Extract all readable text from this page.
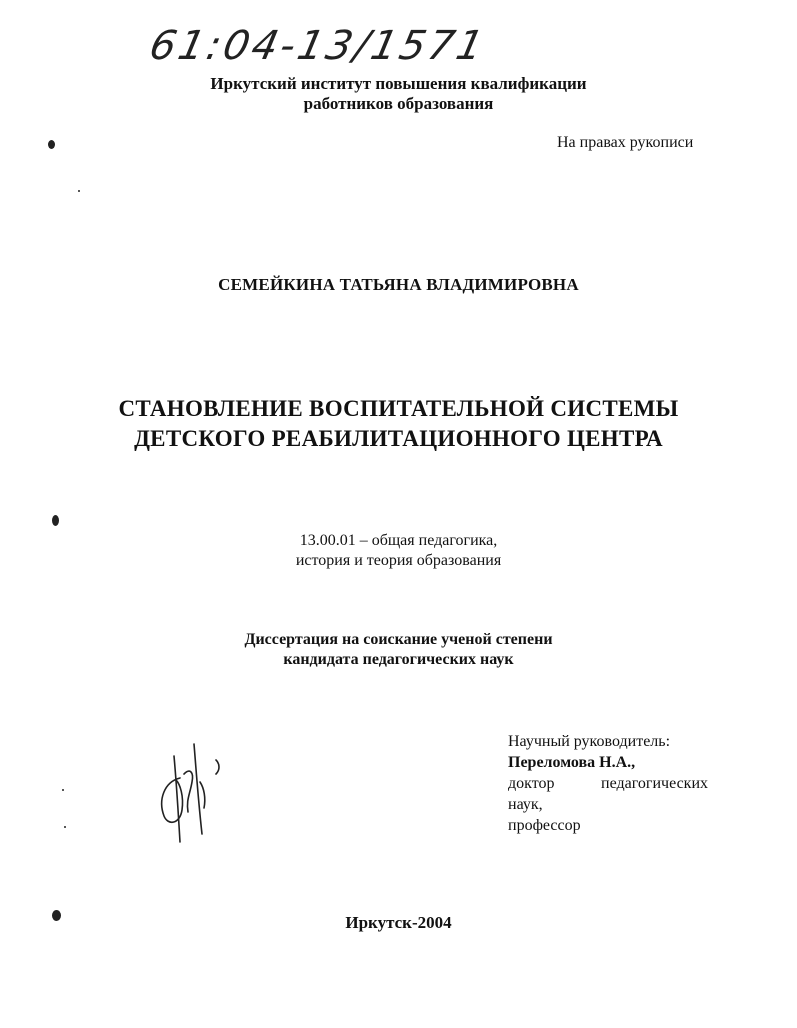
61:04-13/1571
Иркутский институт повышения квалификации
работников образования
На правах рукописи
СЕМЕЙКИНА ТАТЬЯНА ВЛАДИМИРОВНА
СТАНОВЛЕНИЕ ВОСПИТАТЕЛЬНОЙ СИСТЕМЫ
ДЕТСКОГО РЕАБИЛИТАЦИОННОГО ЦЕНТРА
13.00.01 – общая педагогика,
история и теория образования
Диссертация на соискание ученой степени
кандидата педагогических наук
Научный руководитель:
Переломова Н.А.,
доктор	педагогических
наук,
профессор
Иркутск-2004
